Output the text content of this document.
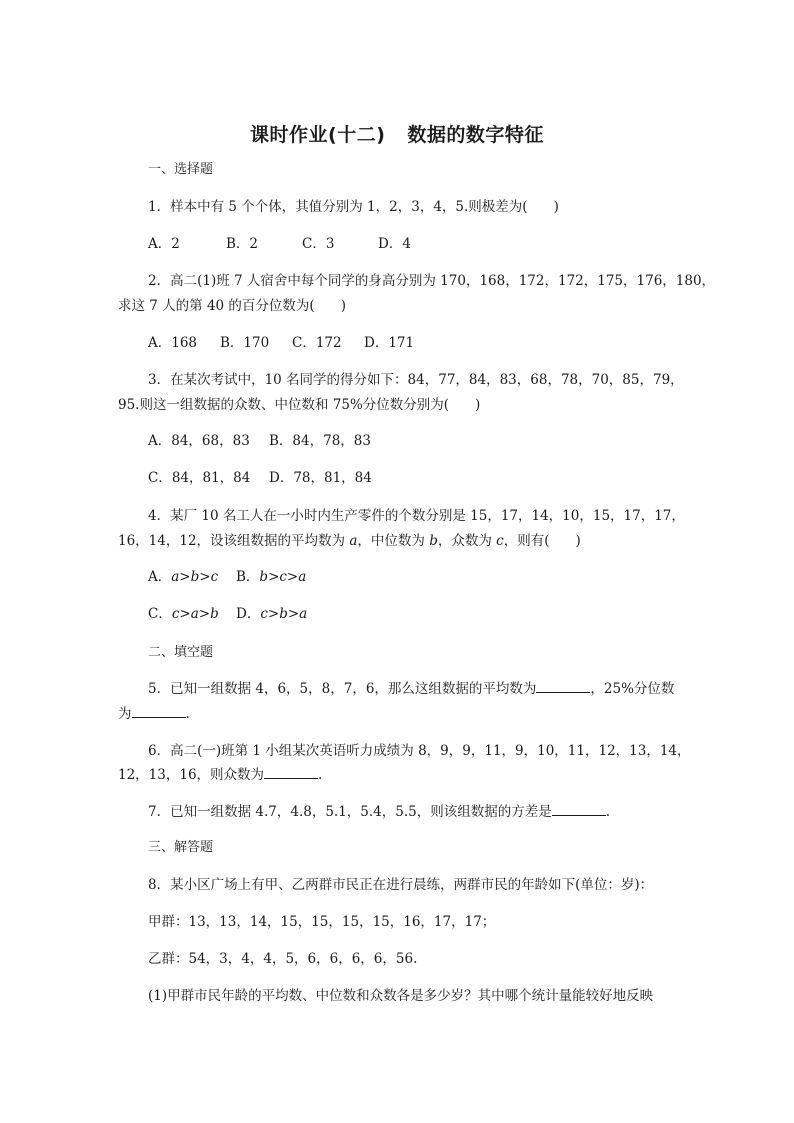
课时作业(十二) 数据的数字特征
一、选择题
1．样本中有 5 个个体，其值分别为 1，2，3，4，5.则极差为( )
A．2	B．2	C．3	D．4
2．高二(1)班 7 人宿舍中每个同学的身高分别为 170，168，172，172，175，176，180，
求这 7 人的第 40 的百分位数为( )
A．168 B．170 C．172 D．171
3．在某次考试中，10 名同学的得分如下：84，77，84，83，68，78，70，85，79，
95.则这一组数据的众数、中位数和 75%分位数分别为( )
A．84，68，83 B．84，78，83
C．84，81，84 D．78，81，84
4．某厂 10 名工人在一小时内生产零件的个数分别是 15，17，14，10，15，17，17，
16，14，12，设该组数据的平均数为 a，中位数为 b，众数为 c，则有( )
A．a>b>c B．b>c>a
C．c>a>b D．c>b>a
二、填空题
5．已知一组数据 4，6，5，8，7，6，那么这组数据的平均数为	，25%分位数
为	.
6．高二(一)班第 1 小组某次英语听力成绩为 8，9，9，11，9，10，11，12，13，14，
12，13，16，则众数为	.
7．已知一组数据 4.7，4.8，5.1，5.4，5.5，则该组数据的方差是	.
三、解答题
8．某小区广场上有甲、乙两群市民正在进行晨练，两群市民的年龄如下(单位：岁)：
甲群：13，13，14，15，15，15，15，16，17，17；
乙群：54，3，4，4，5，6，6，6，6，56.
(1)甲群市民年龄的平均数、中位数和众数各是多少岁？其中哪个统计量能较好地反映
